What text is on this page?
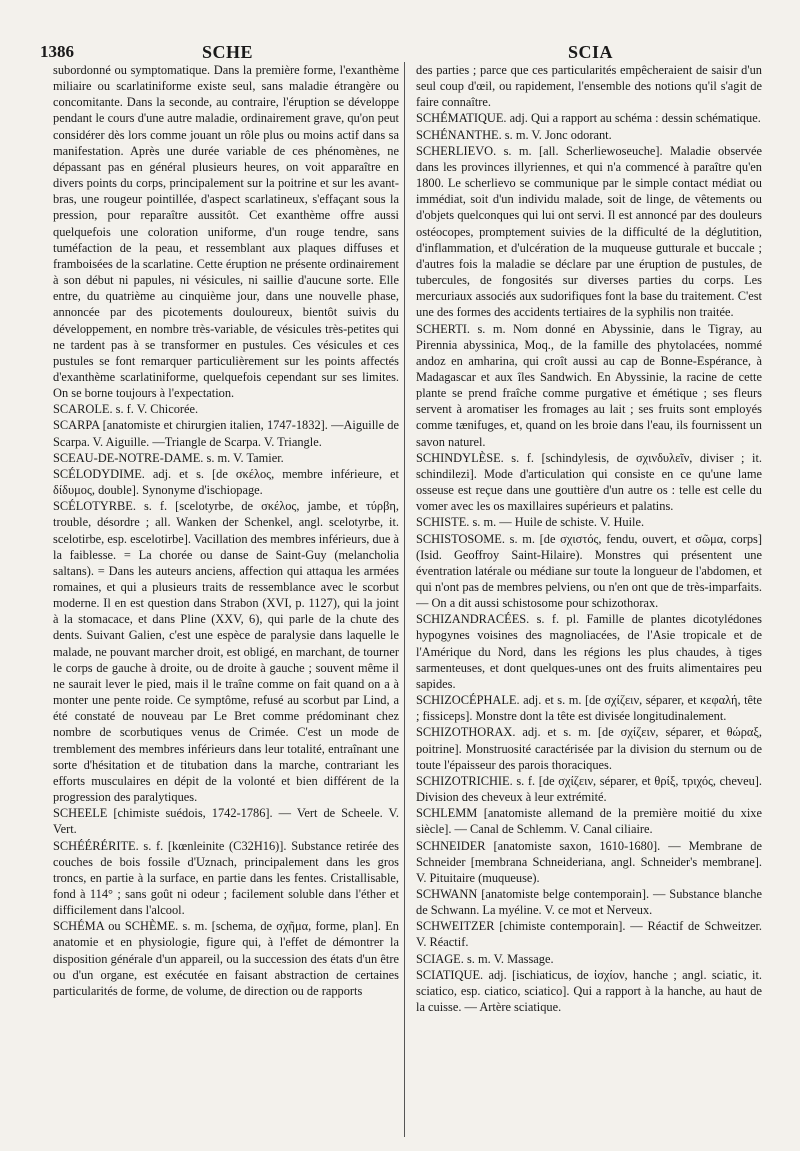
1386	SCHE	SCIA

subordonné ou symptomatique. Dans la première forme, l'exanthème miliaire ou scarlatiniforme existe seul, sans maladie étrangère ou concomitante. Dans la seconde, au contraire, l'éruption se développe pendant le cours d'une autre maladie, ordinairement grave, qu'on peut considérer dès lors comme jouant un rôle plus ou moins actif dans sa manifestation. Après une durée variable de ces phénomènes, ne dépassant pas en général plusieurs heures, on voit apparaître en divers points du corps, principalement sur la poitrine et sur les avant-bras, une rougeur pointillée, d'aspect scarlatineux, s'effaçant sous la pression, pour reparaître aussitôt. Cet exanthème offre aussi quelquefois une coloration uniforme, d'un rouge tendre, sans tuméfaction de la peau, et ressemblant aux plaques diffuses et framboisées de la scarlatine. Cette éruption ne présente ordinairement à son début ni papules, ni vésicules, ni saillie d'aucune sorte. Elle entre, du quatrième au cinquième jour, dans une nouvelle phase, annoncée par des picotements douloureux, bientôt suivis du développement, en nombre très-variable, de vésicules très-petites qui ne tardent pas à se transformer en pustules. Ces vésicules et ces pustules se font remarquer particulièrement sur les points affectés d'exanthème scarlatiniforme, quelquefois cependant sur ses limites. On se borne toujours à l'expectation.

SCAROLE. s. f. V. Chicorée.

SCARPA [anatomiste et chirurgien italien, 1747-1832]. —Aiguille de Scarpa. V. Aiguille. —Triangle de Scarpa. V. Triangle.

SCEAU-DE-NOTRE-DAME. s. m. V. Tamier.

SCÉLODYDIME. adj. et s. [de σκέλος, membre inférieure, et δίδυμος, double]. Synonyme d'ischiopage.

SCÉLOTYRBE. s. f. [scelotyrbe, de σκέλος, jambe, et τύρβη, trouble, désordre ; all. Wanken der Schenkel, angl. scelotyrbe, it. scelotirbe, esp. escelotirbe]. Vacillation des membres inférieurs, due à la faiblesse. = La chorée ou danse de Saint-Guy (melancholia saltans). = Dans les auteurs anciens, affection qui attaqua les armées romaines, et qui a plusieurs traits de ressemblance avec le scorbut moderne. Il en est question dans Strabon (XVI, p. 1127), qui la joint à la stomacace, et dans Pline (XXV, 6), qui parle de la chute des dents. Suivant Galien, c'est une espèce de paralysie dans laquelle le malade, ne pouvant marcher droit, est obligé, en marchant, de tourner le corps de gauche à droite, ou de droite à gauche ; souvent même il ne saurait lever le pied, mais il le traîne comme on fait quand on a à monter une pente roide. Ce symptôme, refusé au scorbut par Lind, a été constaté de nouveau par Le Bret comme prédominant chez nombre de scorbutiques venus de Crimée. C'est un mode de tremblement des membres inférieurs dans leur totalité, entraînant une sorte d'hésitation et de titubation dans la marche, contrariant les efforts musculaires en dépit de la volonté et bien différent de la progression des paralytiques.

SCHEELE [chimiste suédois, 1742-1786]. — Vert de Scheele. V. Vert.

SCHÉÉRÉRITE. s. f. [kœnleinite (C32H16)]. Substance retirée des couches de bois fossile d'Uznach, principalement dans les gros troncs, en partie à la surface, en partie dans les fentes. Cristallisable, fond à 114° ; sans goût ni odeur ; facilement soluble dans l'éther et difficilement dans l'alcool.

SCHÉMA ou SCHÈME. s. m. [schema, de σχῆμα, forme, plan]. En anatomie et en physiologie, figure qui, à l'effet de démontrer la disposition générale d'un appareil, ou la succession des états d'un être ou d'un organe, est exécutée en faisant abstraction de certaines particularités de forme, de volume, de direction ou de rapports

des parties ; parce que ces particularités empêcheraient de saisir d'un seul coup d'œil, ou rapidement, l'ensemble des notions qu'il s'agit de faire connaître.

SCHÉMATIQUE. adj. Qui a rapport au schéma : dessin schématique.

SCHÉNANTHE. s. m. V. Jonc odorant.

SCHERLIEVO. s. m. [all. Scherliewoseuche]. Maladie observée dans les provinces illyriennes, et qui n'a commencé à paraître qu'en 1800. Le scherlievo se communique par le simple contact médiat ou immédiat, soit d'un individu malade, soit de linge, de vêtements ou d'objets quelconques qui lui ont servi. Il est annoncé par des douleurs ostéocopes, promptement suivies de la difficulté de la déglutition, d'inflammation, et d'ulcération de la muqueuse gutturale et buccale ; d'autres fois la maladie se déclare par une éruption de pustules, de tubercules, de fongosités sur diverses parties du corps. Les mercuriaux associés aux sudorifiques font la base du traitement. C'est une des formes des accidents tertiaires de la syphilis non traitée.

SCHERTI. s. m. Nom donné en Abyssinie, dans le Tigray, au Pirennia abyssinica, Moq., de la famille des phytolacées, nommé andoz en amharina, qui croît aussi au cap de Bonne-Espérance, à Madagascar et aux îles Sandwich. En Abyssinie, la racine de cette plante se prend fraîche comme purgative et émétique ; ses fleurs servent à aromatiser les fromages au lait ; ses fruits sont employés comme tænifuges, et, quand on les broie dans l'eau, ils fournissent un savon naturel.

SCHINDYLÈSE. s. f. [schindylesis, de σχινδυλεῖν, diviser ; it. schindilezi]. Mode d'articulation qui consiste en ce qu'une lame osseuse est reçue dans une gouttière d'un autre os : telle est celle du vomer avec les os maxillaires supérieurs et palatins.

SCHISTE. s. m. — Huile de schiste. V. Huile.

SCHISTOSOME. s. m. [de σχιστός, fendu, ouvert, et σῶμα, corps] (Isid. Geoffroy Saint-Hilaire). Monstres qui présentent une éventration latérale ou médiane sur toute la longueur de l'abdomen, et qui n'ont pas de membres pelviens, ou n'en ont que de très-imparfaits. — On a dit aussi schistosome pour schizothorax.

SCHIZANDRACÉES. s. f. pl. Famille de plantes dicotylédones hypogynes voisines des magnoliacées, de l'Asie tropicale et de l'Amérique du Nord, dans les régions les plus chaudes, à tiges sarmenteuses, et dont quelques-unes ont des fruits alimentaires peu sapides.

SCHIZOCÉPHALE. adj. et s. m. [de σχίζειν, séparer, et κεφαλή, tête ; fissiceps]. Monstre dont la tête est divisée longitudinalement.

SCHIZOTHORAX. adj. et s. m. [de σχίζειν, séparer, et θώραξ, poitrine]. Monstruosité caractérisée par la division du sternum ou de toute l'épaisseur des parois thoraciques.

SCHIZOTRICHIE. s. f. [de σχίζειν, séparer, et θρίξ, τριχός, cheveu]. Division des cheveux à leur extrémité.

SCHLEMM [anatomiste allemand de la première moitié du xixe siècle]. — Canal de Schlemm. V. Canal ciliaire.

SCHNEIDER [anatomiste saxon, 1610-1680]. — Membrane de Schneider [membrana Schneideriana, angl. Schneider's membrane]. V. Pituitaire (muqueuse).

SCHWANN [anatomiste belge contemporain]. — Substance blanche de Schwann. La myéline. V. ce mot et Nerveux.

SCHWEITZER [chimiste contemporain]. — Réactif de Schweitzer. V. Réactif.

SCIAGE. s. m. V. Massage.

SCIATIQUE. adj. [ischiaticus, de ἰσχίον, hanche ; angl. sciatic, it. sciatico, esp. ciatico, sciatico]. Qui a rapport à la hanche, au haut de la cuisse. — Artère sciatique.
